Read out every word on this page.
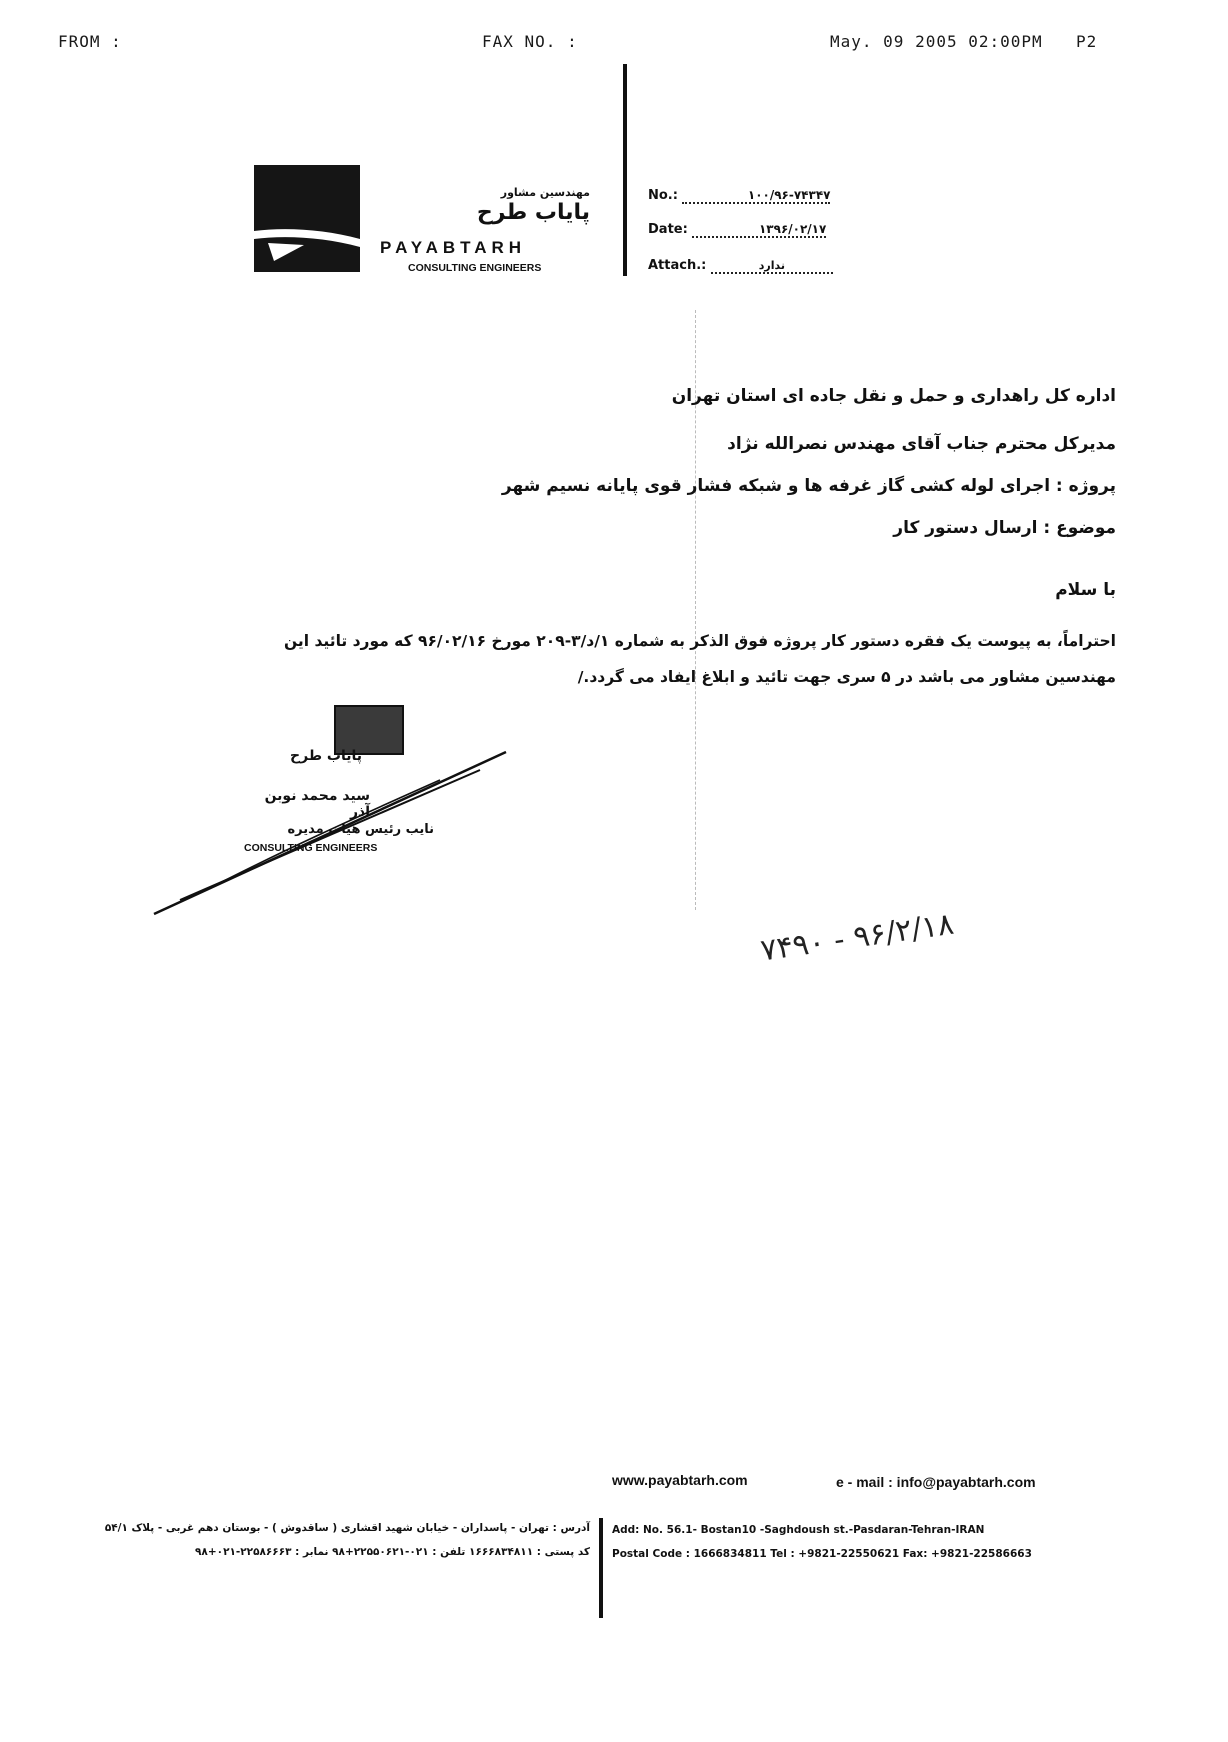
FROM :	FAX NO. :	May. 09 2005 02:00PM P2
مهندسین مشاور
پایاب طرح
PAYABTARH
CONSULTING ENGINEERS
No.:	۱۰۰/۹۶-۷۴۳۴۷
Date:	۱۳۹۶/۰۲/۱۷
Attach.:	ندارد
اداره کل راهداری و حمل و نقل جاده ای استان تهران
مدیرکل محترم جناب آقای مهندس نصرالله نژاد
پروژه : اجرای لوله کشی گاز غرفه ها و شبکه فشار قوی پایانه نسیم شهر
موضوع : ارسال دستور کار
با سلام
احتراماً، به پیوست یک فقره دستور کار پروژه فوق الذکر به شماره ۱/د/۳-۲۰۹ مورخ ۹۶/۰۲/۱۶ که مورد تائید این
مهندسین مشاور می باشد در ۵ سری جهت تائید و ابلاغ ایفاد می گردد./
پایاب طرح
سید محمد نوبن آذر
نایب رئیس هیات مدیره
CONSULTING ENGINEERS
۹۶/۲/۱۸ - ۷۴۹۰
www.payabtarh.com	e - mail : info@payabtarh.com
آدرس : تهران - پاسداران - خیابان شهید اقشاری ( ساقدوش ) - بوستان دهم غربی - پلاک ۵۴/۱
کد پستی : ۱۶۶۶۸۳۴۸۱۱ تلفن : ۰۲۱-۲۲۵۵۰۶۲۱+۹۸ نمابر : ۲۲۵۸۶۶۶۳-۰۲۱+۹۸
Add: No. 56.1- Bostan10 -Saghdoush st.-Pasdaran-Tehran-IRAN
Postal Code : 1666834811 Tel : +9821-22550621 Fax: +9821-22586663
